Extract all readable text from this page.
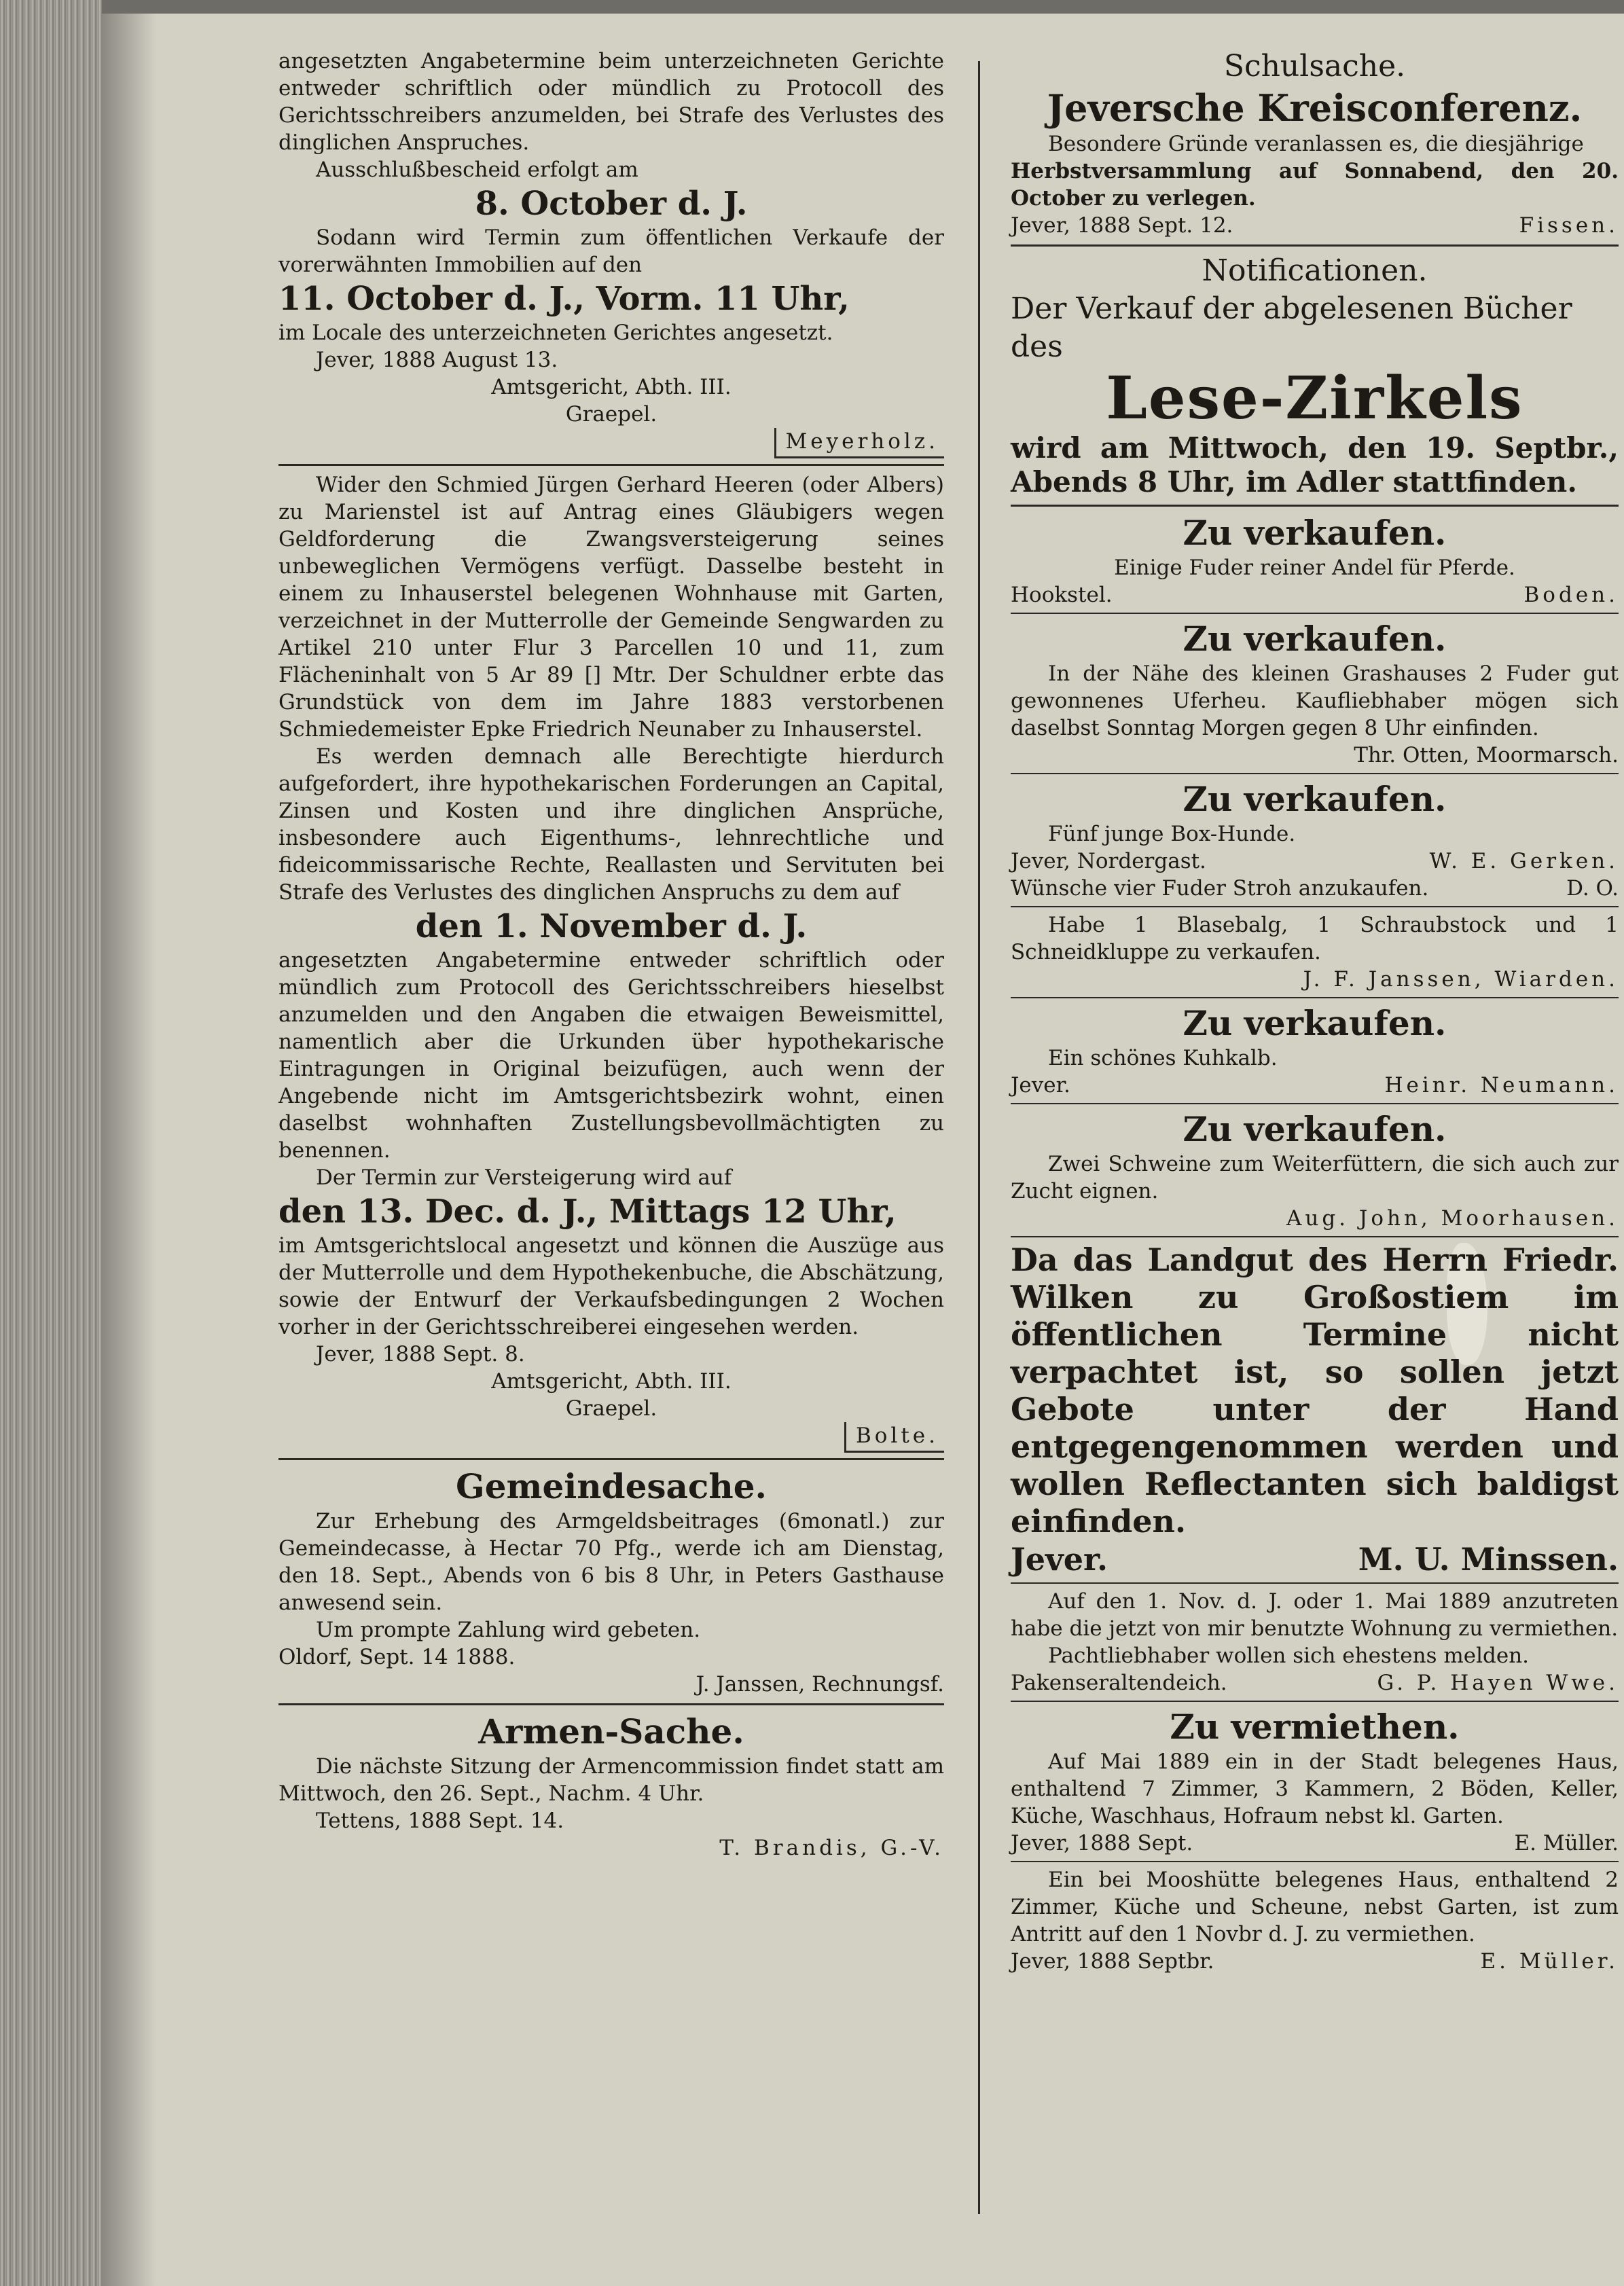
angesetzten Angabetermine beim unterzeichneten Gerichte entweder schriftlich oder mündlich zu Protocoll des Gerichtsschreibers anzumelden, bei Strafe des Verlustes des dinglichen Anspruches.

Ausschlußbescheid erfolgt am

8. October d. J.

Sodann wird Termin zum öffentlichen Verkaufe der vorerwähnten Immobilien auf den

11. October d. J., Vorm. 11 Uhr,

im Locale des unterzeichneten Gerichtes angesetzt.

Jever, 1888 August 13.

Amtsgericht, Abth. III.

Graepel.

Meyerholz.

Wider den Schmied Jürgen Gerhard Heeren (oder Albers) zu Marienstel ist auf Antrag eines Gläubigers wegen Geldforderung die Zwangsversteigerung seines unbeweglichen Vermögens verfügt. Dasselbe besteht in einem zu Inhauserstel belegenen Wohnhause mit Garten, verzeichnet in der Mutterrolle der Gemeinde Sengwarden zu Artikel 210 unter Flur 3 Parcellen 10 und 11, zum Flächeninhalt von 5 Ar 89 [] Mtr. Der Schuldner erbte das Grundstück von dem im Jahre 1883 verstorbenen Schmiedemeister Epke Friedrich Neunaber zu Inhauserstel.

Es werden demnach alle Berechtigte hierdurch aufgefordert, ihre hypothekarischen Forderungen an Capital, Zinsen und Kosten und ihre dinglichen Ansprüche, insbesondere auch Eigenthums-, lehnrechtliche und fideicommissarische Rechte, Reallasten und Servituten bei Strafe des Verlustes des dinglichen Anspruchs zu dem auf

den 1. November d. J.

angesetzten Angabetermine entweder schriftlich oder mündlich zum Protocoll des Gerichtsschreibers hieselbst anzumelden und den Angaben die etwaigen Beweismittel, namentlich aber die Urkunden über hypothekarische Eintragungen in Original beizufügen, auch wenn der Angebende nicht im Amtsgerichtsbezirk wohnt, einen daselbst wohnhaften Zustellungsbevollmächtigten zu benennen.

Der Termin zur Versteigerung wird auf

den 13. Dec. d. J., Mittags 12 Uhr,

im Amtsgerichtslocal angesetzt und können die Auszüge aus der Mutterrolle und dem Hypothekenbuche, die Abschätzung, sowie der Entwurf der Verkaufsbedingungen 2 Wochen vorher in der Gerichtsschreiberei eingesehen werden.

Jever, 1888 Sept. 8.

Amtsgericht, Abth. III.

Graepel.

Bolte.

Gemeindesache.

Zur Erhebung des Armgeldsbeitrages (6monatl.) zur Gemeindecasse, à Hectar 70 Pfg., werde ich am Dienstag, den 18. Sept., Abends von 6 bis 8 Uhr, in Peters Gasthause anwesend sein.

Um prompte Zahlung wird gebeten.

Oldorf, Sept. 14 1888.

J. Janssen, Rechnungsf.

Armen-Sache.

Die nächste Sitzung der Armencommission findet statt am Mittwoch, den 26. Sept., Nachm. 4 Uhr.

Tettens, 1888 Sept. 14.

T. Brandis, G.-V.

Schulsache.

Jeversche Kreisconferenz.

Besondere Gründe veranlassen es, die diesjährige

Herbstversammlung auf Sonnabend, den 20. October zu verlegen.

Jever, 1888 Sept. 12.	Fissen.

Notificationen.

Der Verkauf der abgelesenen Bücher

des

Lese-Zirkels

wird am Mittwoch, den 19. Septbr., Abends 8 Uhr, im Adler stattfinden.

Zu verkaufen.

Einige Fuder reiner Andel für Pferde.

Hookstel.	Boden.

Zu verkaufen.

In der Nähe des kleinen Grashauses 2 Fuder gut gewonnenes Uferheu. Kaufliebhaber mögen sich daselbst Sonntag Morgen gegen 8 Uhr einfinden.

Thr. Otten, Moormarsch.

Zu verkaufen.

Fünf junge Box-Hunde.

Jever, Nordergast.	W. E. Gerken.
Wünsche vier Fuder Stroh anzukaufen.	D. O.

Habe 1 Blasebalg, 1 Schraubstock und 1 Schneidkluppe zu verkaufen.

J. F. Janssen, Wiarden.

Zu verkaufen.

Ein schönes Kuhkalb.

Jever.	Heinr. Neumann.

Zu verkaufen.

Zwei Schweine zum Weiterfüttern, die sich auch zur Zucht eignen.

Aug. John, Moorhausen.

Da das Landgut des Herrn Friedr. Wilken zu Großostiem im öffentlichen Termine nicht verpachtet ist, so sollen jetzt Gebote unter der Hand entgegengenommen werden und wollen Reflectanten sich baldigst einfinden.

Jever.	M. U. Minssen.

Auf den 1. Nov. d. J. oder 1. Mai 1889 anzutreten habe die jetzt von mir benutzte Wohnung zu vermiethen.

Pachtliebhaber wollen sich ehestens melden.

Pakenseraltendeich.	G. P. Hayen Wwe.

Zu vermiethen.

Auf Mai 1889 ein in der Stadt belegenes Haus, enthaltend 7 Zimmer, 3 Kammern, 2 Böden, Keller, Küche, Waschhaus, Hofraum nebst kl. Garten.

Jever, 1888 Sept.	E. Müller.

Ein bei Mooshütte belegenes Haus, enthaltend 2 Zimmer, Küche und Scheune, nebst Garten, ist zum Antritt auf den 1 Novbr d. J. zu vermiethen.

Jever, 1888 Septbr.	E. Müller.
